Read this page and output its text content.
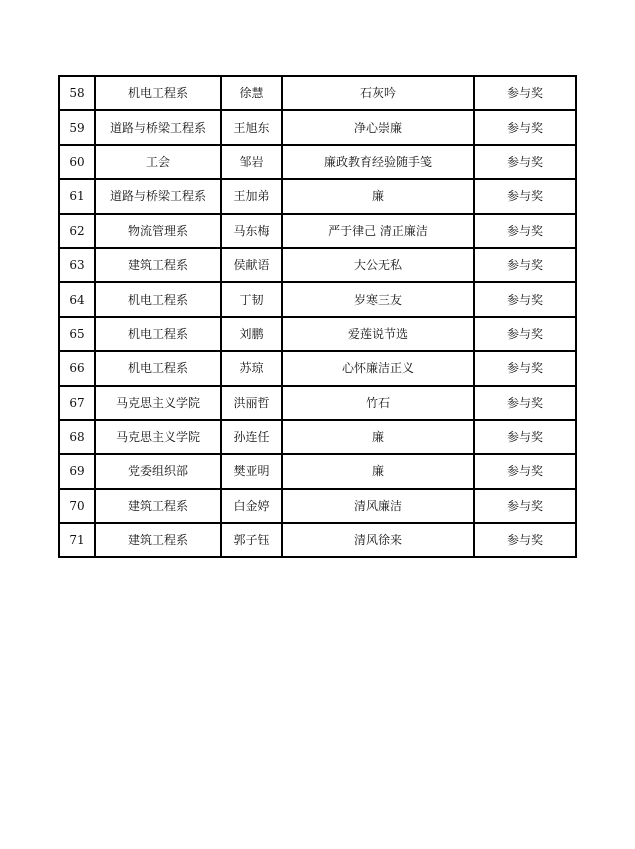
58	机电工程系	徐慧	石灰吟	参与奖
59	道路与桥梁工程系	王旭东	净心崇廉	参与奖
60	工会	邹岩	廉政教育经验随手笺	参与奖
61	道路与桥梁工程系	王加弟	廉	参与奖
62	物流管理系	马东梅	严于律己 清正廉洁	参与奖
63	建筑工程系	侯献语	大公无私	参与奖
64	机电工程系	丁韧	岁寒三友	参与奖
65	机电工程系	刘鹏	爱莲说节选	参与奖
66	机电工程系	苏琼	心怀廉洁正义	参与奖
67	马克思主义学院	洪丽哲	竹石	参与奖
68	马克思主义学院	孙连任	廉	参与奖
69	党委组织部	樊亚明	廉	参与奖
70	建筑工程系	白金婷	清风廉洁	参与奖
71	建筑工程系	郭子钰	清风徐来	参与奖
